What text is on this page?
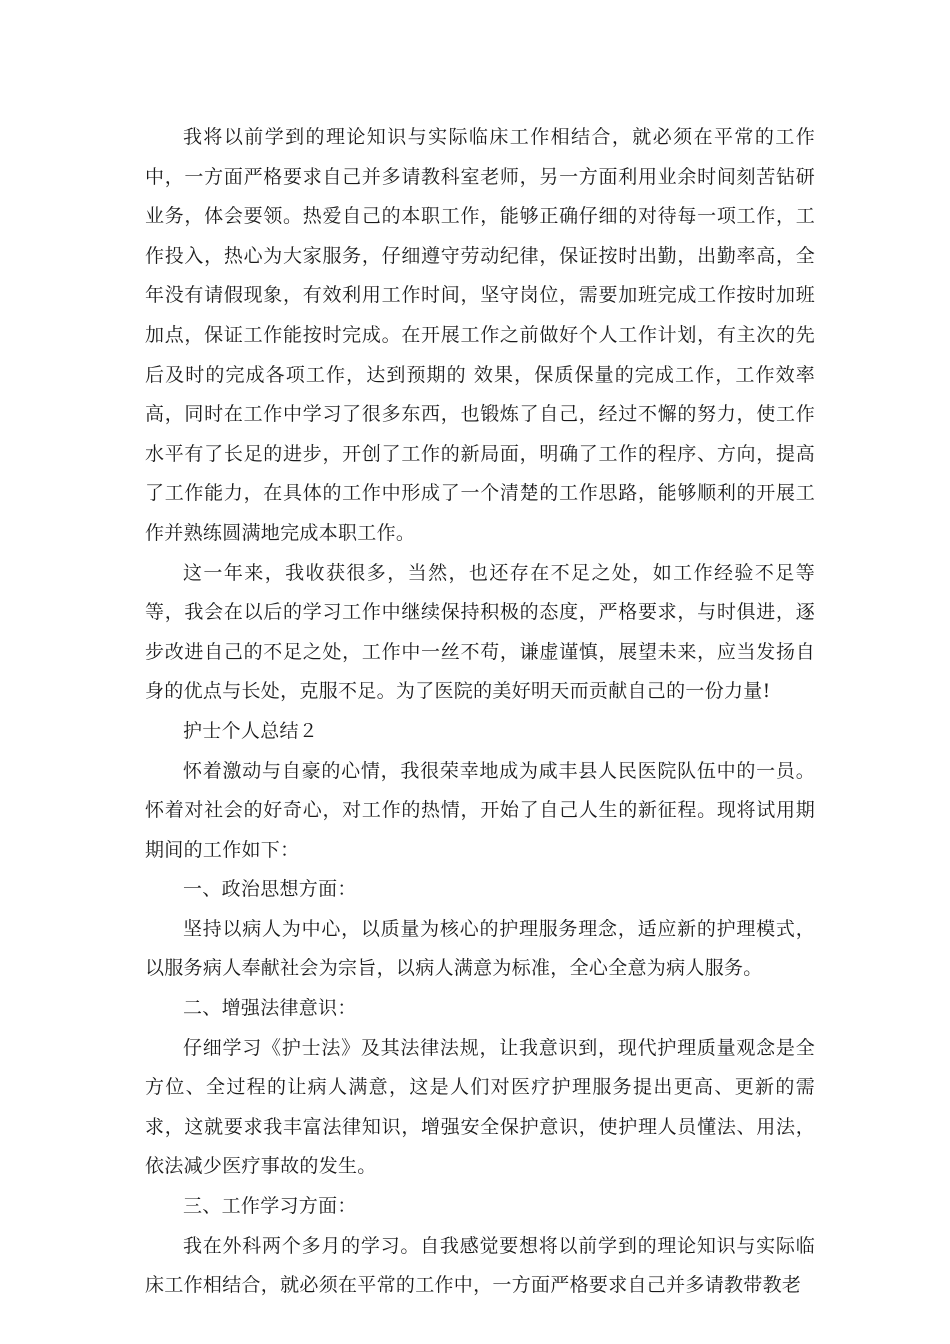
我将以前学到的理论知识与实际临床工作相结合，就必须在平常的工作中，一方面严格要求自己并多请教科室老师，另一方面利用业余时间刻苦钻研业务，体会要领。热爱自己的本职工作，能够正确仔细的对待每一项工作，工作投入，热心为大家服务，仔细遵守劳动纪律，保证按时出勤，出勤率高，全年没有请假现象，有效利用工作时间，坚守岗位，需要加班完成工作按时加班加点，保证工作能按时完成。在开展工作之前做好个人工作计划，有主次的先后及时的完成各项工作，达到预期的 效果，保质保量的完成工作，工作效率高，同时在工作中学习了很多东西，也锻炼了自己，经过不懈的努力，使工作水平有了长足的进步，开创了工作的新局面，明确了工作的程序、方向，提高了工作能力，在具体的工作中形成了一个清楚的工作思路，能够顺利的开展工作并熟练圆满地完成本职工作。

这一年来，我收获很多，当然，也还存在不足之处，如工作经验不足等等，我会在以后的学习工作中继续保持积极的态度，严格要求，与时俱进，逐步改进自己的不足之处，工作中一丝不苟，谦虚谨慎，展望未来，应当发扬自身的优点与长处，克服不足。为了医院的美好明天而贡献自己的一份力量!

护士个人总结２

怀着激动与自豪的心情，我很荣幸地成为咸丰县人民医院队伍中的一员。怀着对社会的好奇心，对工作的热情，开始了自己人生的新征程。现将试用期期间的工作如下：

一、政治思想方面：

坚持以病人为中心，以质量为核心的护理服务理念，适应新的护理模式，以服务病人奉献社会为宗旨，以病人满意为标准，全心全意为病人服务。

二、增强法律意识：

仔细学习《护士法》及其法律法规，让我意识到，现代护理质量观念是全方位、全过程的让病人满意，这是人们对医疗护理服务提出更高、更新的需求，这就要求我丰富法律知识，增强安全保护意识，使护理人员懂法、用法，依法减少医疗事故的发生。

三、工作学习方面：

我在外科两个多月的学习。自我感觉要想将以前学到的理论知识与实际临床工作相结合，就必须在平常的工作中，一方面严格要求自己并多请教带教老
